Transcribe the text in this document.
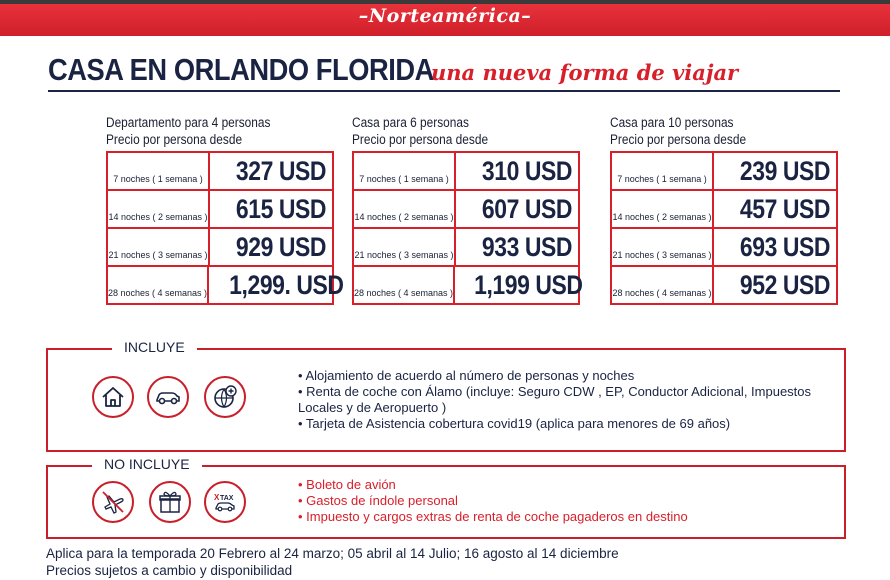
–Norteamérica–
CASA EN ORLANDO FLORIDA
una nueva forma de viajar
Departamento para 4 personas
Precio por persona desde
7 noches ( 1 semana ) 327 USD
14 noches ( 2 semanas ) 615 USD
21 noches ( 3 semanas ) 929 USD
28 noches ( 4 semanas ) 1,299. USD
Casa para 6 personas
Precio por persona desde
7 noches ( 1 semana ) 310 USD
14 noches ( 2 semanas ) 607 USD
21 noches ( 3 semanas ) 933 USD
28 noches ( 4 semanas ) 1,199 USD
Casa para 10 personas
Precio por persona desde
7 noches ( 1 semana ) 239 USD
14 noches ( 2 semanas ) 457 USD
21 noches ( 3 semanas ) 693 USD
28 noches ( 4 semanas ) 952 USD
INCLUYE
• Alojamiento de acuerdo al número de personas y noches
• Renta de coche con Álamo (incluye: Seguro CDW , EP, Conductor Adicional, Impuestos
Locales y de Aeropuerto )
• Tarjeta de Asistencia cobertura covid19 (aplica para menores de 69 años)
NO INCLUYE
X TAX
• Boleto de avión
• Gastos de índole personal
• Impuesto y cargos extras de renta de coche pagaderos en destino
Aplica para la temporada 20 Febrero al 24 marzo; 05 abril al 14 Julio; 16 agosto al 14 diciembre
Precios sujetos a cambio y disponibilidad
